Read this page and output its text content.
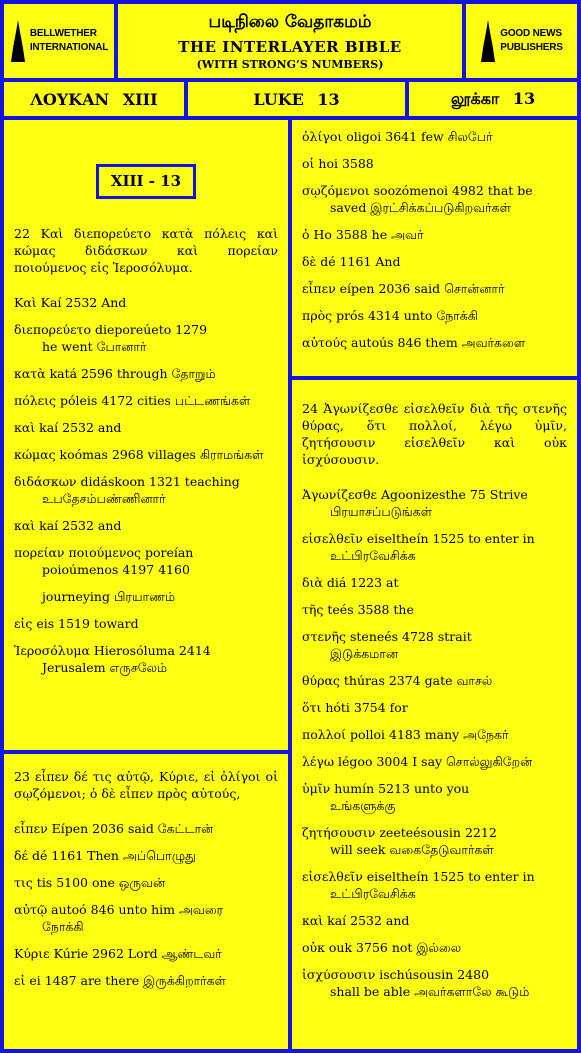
BELLWETHER
INTERNATIONAL
படிநிலை வேதாகமம்
THE INTERLAYER BIBLE
(WITH STRONG’S NUMBERS)
GOOD NEWS
PUBLISHERS
ΛΟΥΚΑΝ XIII	LUKE 13	லூக்கா 13
XIII - 13
22 Καὶ διεπορεύετο κατὰ πόλεις καὶ κώμας διδάσκων καὶ πορείαν ποιούμενος εἰς Ἱεροσόλυμα.
Καὶ Kaí 2532 And
διεπορεύετο dieporeúeto 1279
he went போனார்
κατὰ katá 2596 through தோறும்
πόλεις póleis 4172 cities பட்டணங்கள்
καὶ kaí 2532 and
κώμας koómas 2968 villages கிராமங்கள்
διδάσκων didáskoon 1321 teaching
உபதேசம்பண்ணினார்
καὶ kaí 2532 and
πορείαν ποιούμενος poreían
poioúmenos 4197 4160
journeying பிரயாணம்
εἰς eis 1519 toward
Ἱεροσόλυμα Hierosóluma 2414
Jerusalem எருசலேம்
23 εἶπεν δέ τις αὐτῷ, Κύριε, εἰ ὀλίγοι οἱ σῳζόμενοι; ὁ δὲ εἶπεν πρὸς αὐτούς,
εἶπεν Eípen 2036 said கேட்டான்
δέ dé 1161 Then அப்பொழுது
τις tis 5100 one ஒருவன்
αὐτῷ autoó 846 unto him அவரை
நோக்கி
Κύριε Kúrie 2962 Lord ஆண்டவர்
εἰ ei 1487 are there இருக்கிறார்கள்
ὀλίγοι oligoi 3641 few சிலபேர்
οἱ hoi 3588
σῳζόμενοι soozómenoi 4982 that be
saved இரட்சிக்கப்படுகிறவர்கள்
ὁ Ho 3588 he அவர்
δὲ dé 1161 And
εἶπεν eípen 2036 said சொன்னார்
πρὸς prós 4314 unto நோக்கி
αὐτούς autoús 846 them அவர்களை
24 Ἀγωνίζεσθε εἰσελθεῖν διὰ τῆς στενῆς θύρας, ὅτι πολλοί, λέγω ὑμῖν, ζητήσουσιν εἰσελθεῖν καὶ οὐκ ἰσχύσουσιν.
Ἀγωνίζεσθε Agoonizesthe 75 Strive
பிரயாசப்படுங்கள்
εἰσελθεῖν eiseltheín 1525 to enter in
உட்பிரவேசிக்க
διὰ diá 1223 at
τῆς teés 3588 the
στενῆς steneés 4728 strait
இடுக்கமான
θύρας thúras 2374 gate வாசல்
ὅτι hóti 3754 for
πολλοί polloi 4183 many அநேகர்
λέγω légoo 3004 I say சொல்லுகிறேன்
ὑμῖν humín 5213 unto you
உங்களுக்கு
ζητήσουσιν zeeteésousin 2212
will seek வகைதேடுவார்கள்
εἰσελθεῖν eiseltheín 1525 to enter in
உட்பிரவேசிக்க
καὶ kaí 2532 and
οὐκ ouk 3756 not இல்லை
ἰσχύσουσιν ischúsousin 2480
shall be able அவர்களாலே கூடும்
